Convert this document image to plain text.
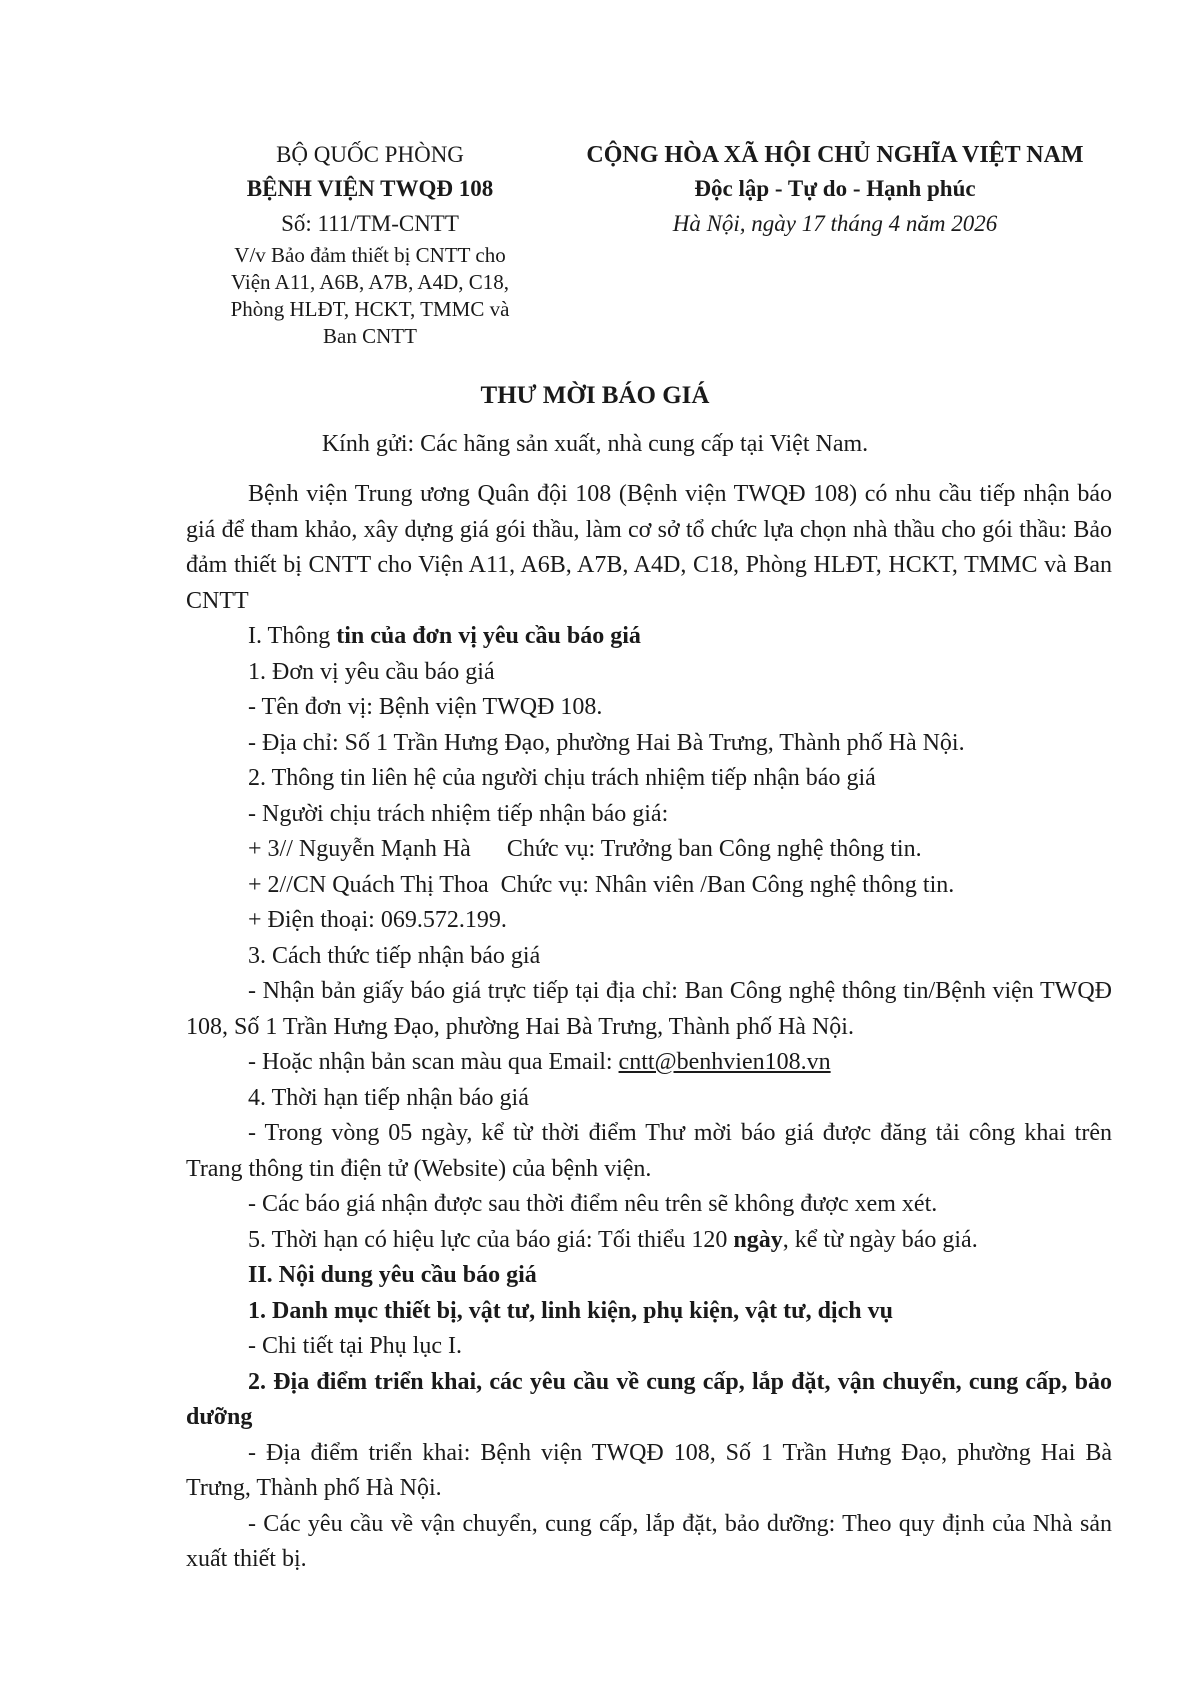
BỘ QUỐC PHÒNG
BỆNH VIỆN TWQĐ 108
Số: 111/TM-CNTT
V/v Bảo đảm thiết bị CNTT cho
Viện A11, A6B, A7B, A4D, C18,
Phòng HLĐT, HCKT, TMMC và
Ban CNTT
CỘNG HÒA XÃ HỘI CHỦ NGHĨA VIỆT NAM
Độc lập - Tự do - Hạnh phúc
Hà Nội, ngày 17 tháng 4 năm 2026
THƯ MỜI BÁO GIÁ
Kính gửi: Các hãng sản xuất, nhà cung cấp tại Việt Nam.

Bệnh viện Trung ương Quân đội 108 (Bệnh viện TWQĐ 108) có nhu cầu tiếp nhận báo giá để tham khảo, xây dựng giá gói thầu, làm cơ sở tổ chức lựa chọn nhà thầu cho gói thầu: Bảo đảm thiết bị CNTT cho Viện A11, A6B, A7B, A4D, C18, Phòng HLĐT, HCKT, TMMC và Ban CNTT

I. Thông tin của đơn vị yêu cầu báo giá

1. Đơn vị yêu cầu báo giá

- Tên đơn vị: Bệnh viện TWQĐ 108.

- Địa chỉ: Số 1 Trần Hưng Đạo, phường Hai Bà Trưng, Thành phố Hà Nội.

2. Thông tin liên hệ của người chịu trách nhiệm tiếp nhận báo giá

- Người chịu trách nhiệm tiếp nhận báo giá:

+ 3// Nguyễn Mạnh Hà Chức vụ: Trưởng ban Công nghệ thông tin.

+ 2//CN Quách Thị Thoa Chức vụ: Nhân viên /Ban Công nghệ thông tin.

+ Điện thoại: 069.572.199.

3. Cách thức tiếp nhận báo giá

- Nhận bản giấy báo giá trực tiếp tại địa chỉ: Ban Công nghệ thông tin/Bệnh viện TWQĐ 108, Số 1 Trần Hưng Đạo, phường Hai Bà Trưng, Thành phố Hà Nội.

- Hoặc nhận bản scan màu qua Email: cntt@benhvien108.vn

4. Thời hạn tiếp nhận báo giá

- Trong vòng 05 ngày, kể từ thời điểm Thư mời báo giá được đăng tải công khai trên Trang thông tin điện tử (Website) của bệnh viện.

- Các báo giá nhận được sau thời điểm nêu trên sẽ không được xem xét.

5. Thời hạn có hiệu lực của báo giá: Tối thiểu 120 ngày, kể từ ngày báo giá.

II. Nội dung yêu cầu báo giá

1. Danh mục thiết bị, vật tư, linh kiện, phụ kiện, vật tư, dịch vụ

- Chi tiết tại Phụ lục I.

2. Địa điểm triển khai, các yêu cầu về cung cấp, lắp đặt, vận chuyển, cung cấp, bảo dưỡng

- Địa điểm triển khai: Bệnh viện TWQĐ 108, Số 1 Trần Hưng Đạo, phường Hai Bà Trưng, Thành phố Hà Nội.

- Các yêu cầu về vận chuyển, cung cấp, lắp đặt, bảo dưỡng: Theo quy định của Nhà sản xuất thiết bị.
